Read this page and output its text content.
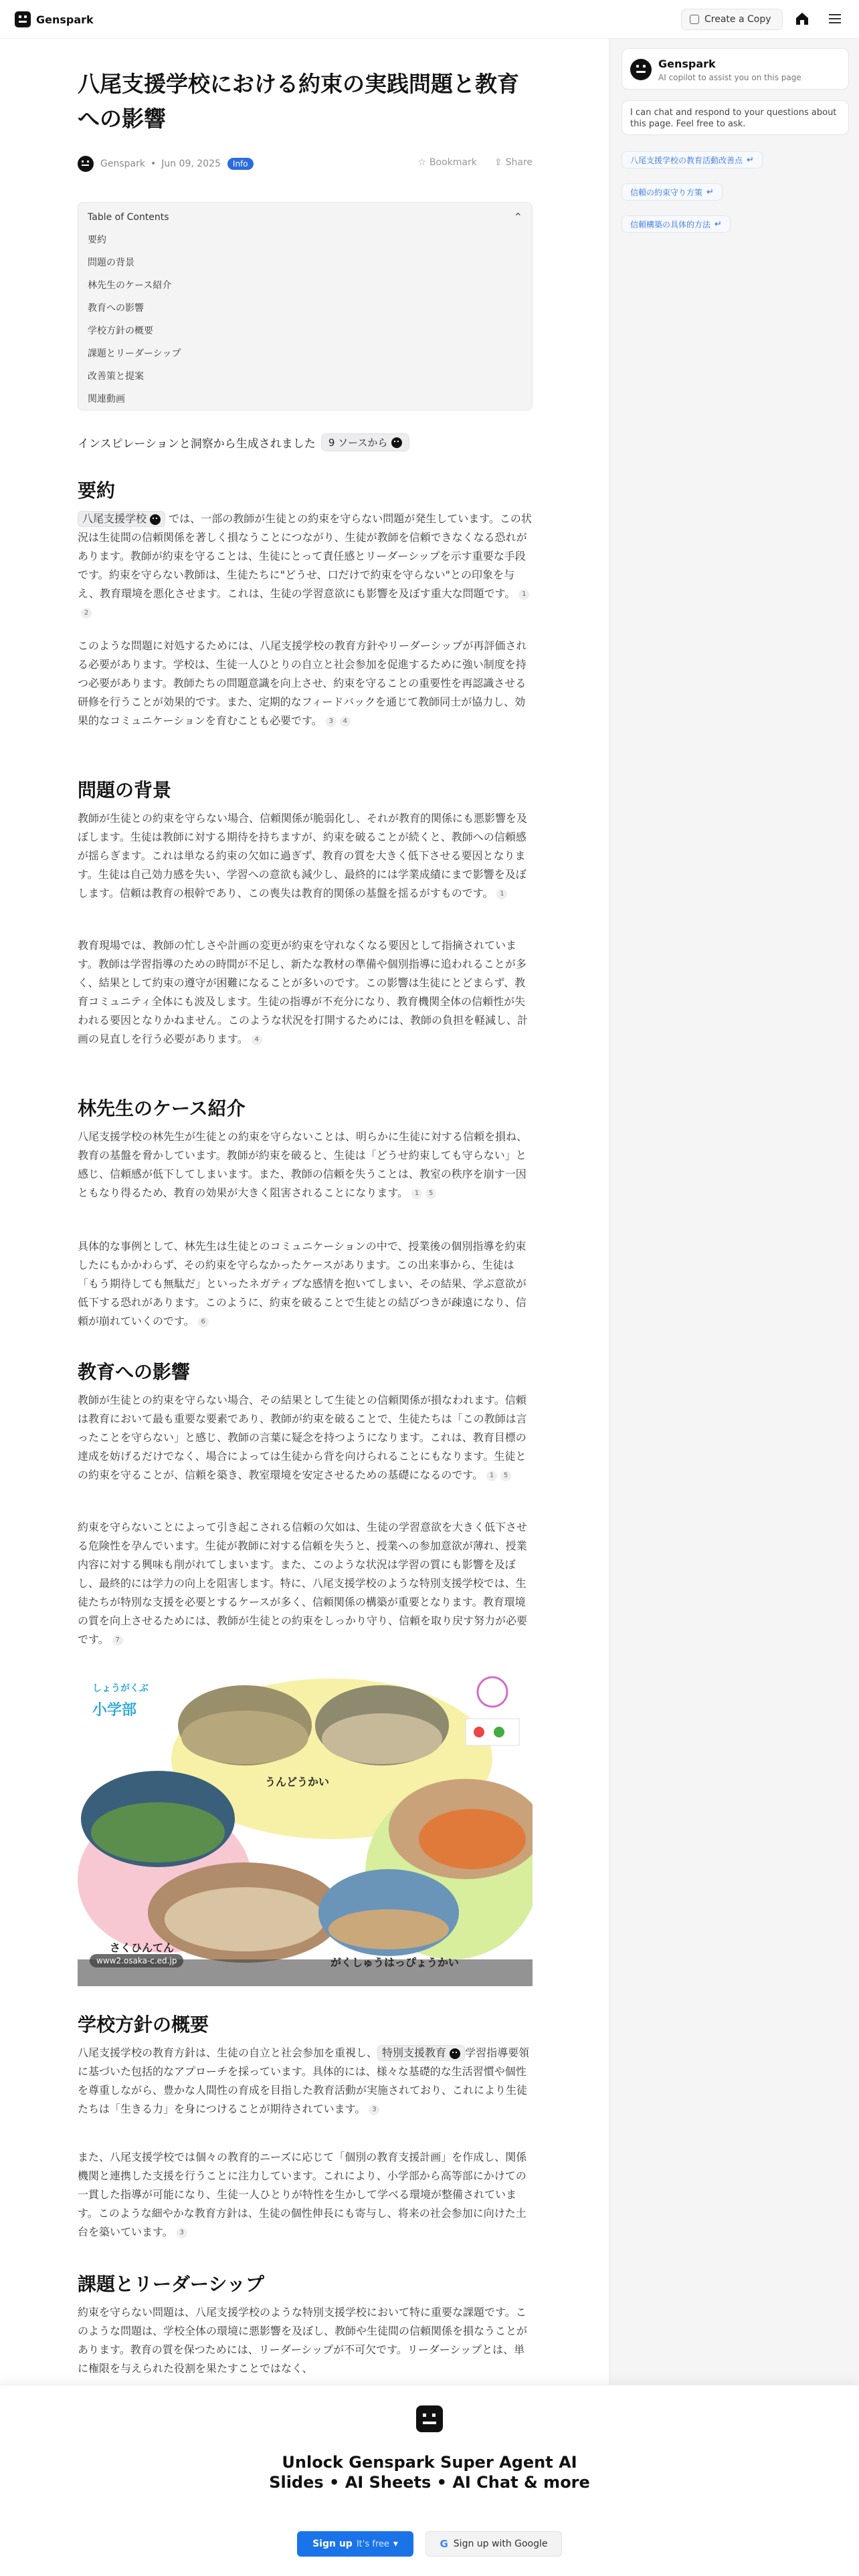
Genspark	Create a Copy
Genspark
AI copilot to assist you on this page
I can chat and respond to your questions about this page. Feel free to ask.
八尾支援学校の教育活動改善点 ↵
信頼の約束守り方策 ↵
信頼構築の具体的方法 ↵
八尾支援学校における約束の実践問題と教育への影響
Genspark • Jun 09, 2025	Info	☆ Bookmark ⇪ Share
Table of Contents	⌃
要約
問題の背景
林先生のケース紹介
教育への影響
学校方針の概要
課題とリーダーシップ
改善策と提案
関連動画
インスピレーションと洞察から生成されました 9 ソースから
要約

八尾支援学校 では、一部の教師が生徒との約束を守らない問題が発生しています。この状況は生徒間の信頼関係を著しく損なうことにつながり、生徒が教師を信頼できなくなる恐れがあります。教師が約束を守ることは、生徒にとって責任感とリーダーシップを示す重要な手段です。約束を守らない教師は、生徒たちに"どうせ、口だけで約束を守らない"との印象を与え、教育環境を悪化させます。これは、生徒の学習意欲にも影響を及ぼす重大な問題です。 12

このような問題に対処するためには、八尾支援学校の教育方針やリーダーシップが再評価される必要があります。学校は、生徒一人ひとりの自立と社会参加を促進するために強い制度を持つ必要があります。教師たちの問題意識を向上させ、約束を守ることの重要性を再認識させる研修を行うことが効果的です。また、定期的なフィードバックを通じて教師同士が協力し、効果的なコミュニケーションを育むことも必要です。 3 4

問題の背景

教師が生徒との約束を守らない場合、信頼関係が脆弱化し、それが教育的関係にも悪影響を及ぼします。生徒は教師に対する期待を持ちますが、約束を破ることが続くと、教師への信頼感が揺らぎます。これは単なる約束の欠如に過ぎず、教育の質を大きく低下させる要因となります。生徒は自己効力感を失い、学習への意欲も減少し、最終的には学業成績にまで影響を及ぼします。信頼は教育の根幹であり、この喪失は教育的関係の基盤を揺るがすものです。 1

教育現場では、教師の忙しさや計画の変更が約束を守れなくなる要因として指摘されています。教師は学習指導のための時間が不足し、新たな教材の準備や個別指導に追われることが多く、結果として約束の遵守が困難になることが多いのです。この影響は生徒にとどまらず、教育コミュニティ全体にも波及します。生徒の指導が不充分になり、教育機関全体の信頼性が失われる要因となりかねません。このような状況を打開するためには、教師の負担を軽減し、計画の見直しを行う必要があります。 4

林先生のケース紹介

八尾支援学校の林先生が生徒との約束を守らないことは、明らかに生徒に対する信頼を損ね、教育の基盤を脅かしています。教師が約束を破ると、生徒は「どうせ約束しても守らない」と感じ、信頼感が低下してしまいます。また、教師の信頼を失うことは、教室の秩序を崩す一因ともなり得るため、教育の効果が大きく阻害されることになります。 1 5

具体的な事例として、林先生は生徒とのコミュニケーションの中で、授業後の個別指導を約束したにもかかわらず、その約束を守らなかったケースがあります。この出来事から、生徒は「もう期待しても無駄だ」といったネガティブな感情を抱いてしまい、その結果、学ぶ意欲が低下する恐れがあります。このように、約束を破ることで生徒との結びつきが疎遠になり、信頼が崩れていくのです。 6

教育への影響

教師が生徒との約束を守らない場合、その結果として生徒との信頼関係が損なわれます。信頼は教育において最も重要な要素であり、教師が約束を破ることで、生徒たちは「この教師は言ったことを守らない」と感じ、教師の言葉に疑念を持つようになります。これは、教育目標の達成を妨げるだけでなく、場合によっては生徒から背を向けられることにもなります。生徒との約束を守ることが、信頼を築き、教室環境を安定させるための基礎になるのです。 1 5

約束を守らないことによって引き起こされる信頼の欠如は、生徒の学習意欲を大きく低下させる危険性を孕んでいます。生徒が教師に対する信頼を失うと、授業への参加意欲が薄れ、授業内容に対する興味も削がれてしまいます。また、このような状況は学習の質にも影響を及ぼし、最終的には学力の向上を阻害します。特に、八尾支援学校のような特別支援学校では、生徒たちが特別な支援を必要とするケースが多く、信頼関係の構築が重要となります。教育環境の質を向上させるためには、教師が生徒との約束をしっかり守り、信頼を取り戻す努力が必要です。 7

しょうがくぶ
小学部
うんどうかい
さくひんてん
がくしゅうはっぴょうかい
www2.osaka-c.ed.jp
学校方針の概要

八尾支援学校の教育方針は、生徒の自立と社会参加を重視し、 特別支援教育 学習指導要領に基づいた包括的なアプローチを採っています。具体的には、様々な基礎的な生活習慣や個性を尊重しながら、豊かな人間性の育成を目指した教育活動が実施されており、これにより生徒たちは「生きる力」を身につけることが期待されています。 3

また、八尾支援学校では個々の教育的ニーズに応じて「個別の教育支援計画」を作成し、関係機関と連携した支援を行うことに注力しています。これにより、小学部から高等部にかけての一貫した指導が可能になり、生徒一人ひとりが特性を生かして学べる環境が整備されています。このような細やかな教育方針は、生徒の個性伸長にも寄与し、将来の社会参加に向けた土台を築いています。 3

課題とリーダーシップ

約束を守らない問題は、八尾支援学校のような特別支援学校において特に重要な課題です。このような問題は、学校全体の環境に悪影響を及ぼし、教師や生徒間の信頼関係を損なうことがあります。教育の質を保つためには、リーダーシップが不可欠です。リーダーシップとは、単に権限を与えられた役割を果たすことではなく、

Unlock Genspark Super Agent AI Slides • AI Sheets • AI Chat & more
Sign up It's free ▾	G Sign up with Google
